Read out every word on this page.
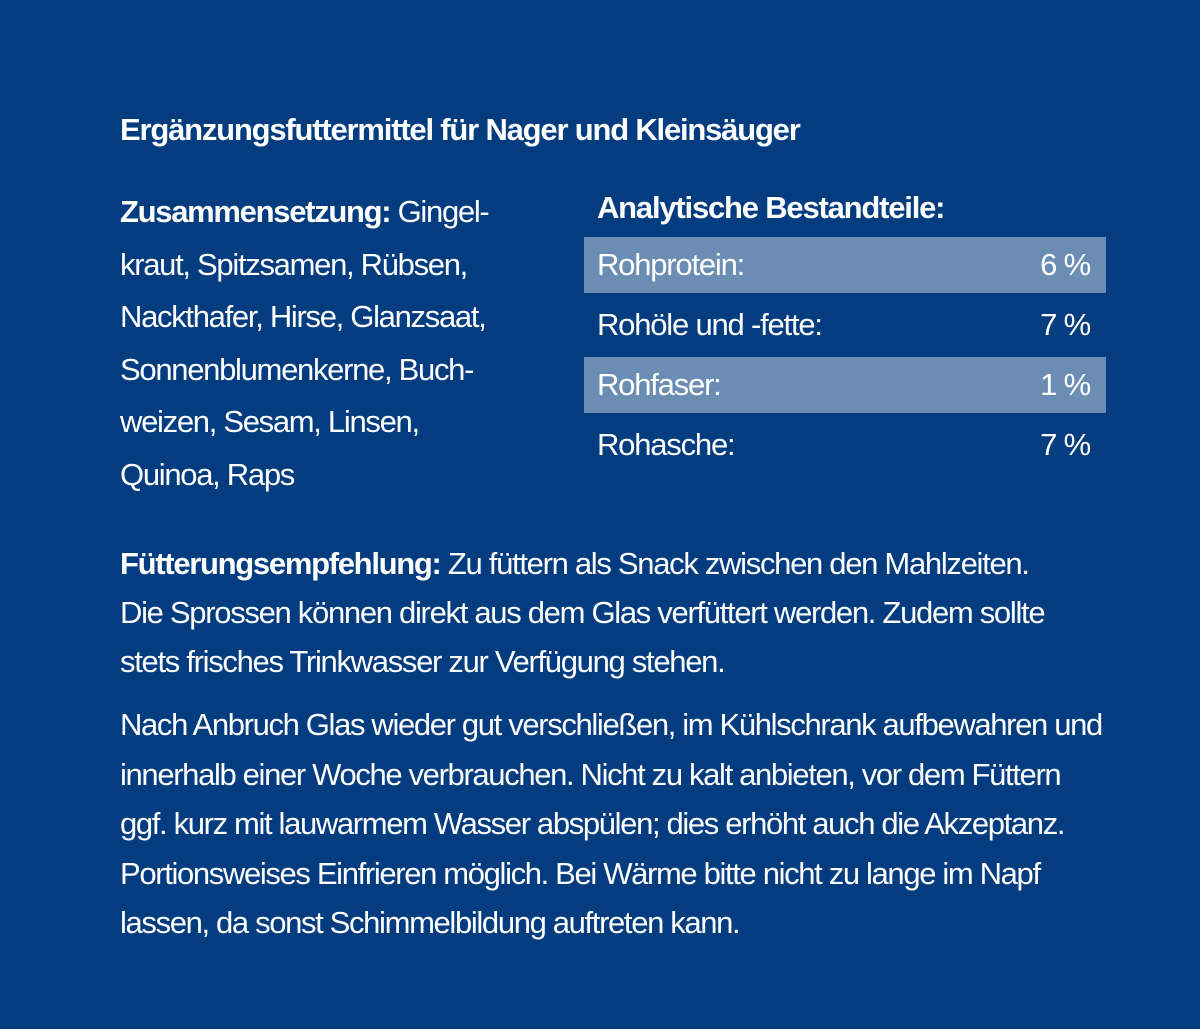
Ergänzungsfuttermittel für Nager und Kleinsäuger
Zusammensetzung: Gingel-
kraut, Spitzsamen, Rübsen,
Nackthafer, Hirse, Glanzsaat,
Sonnenblumenkerne, Buch-
weizen, Sesam, Linsen,
Quinoa, Raps
Analytische Bestandteile:
Rohprotein:	6 %
Rohöle und -fette:	7 %
Rohfaser:	1 %
Rohasche:	7 %
Fütterungsempfehlung: Zu füttern als Snack zwischen den Mahlzeiten.
Die Sprossen können direkt aus dem Glas verfüttert werden. Zudem sollte
stets frisches Trinkwasser zur Verfügung stehen.
Nach Anbruch Glas wieder gut verschließen, im Kühlschrank aufbewahren und
innerhalb einer Woche verbrauchen. Nicht zu kalt anbieten, vor dem Füttern
ggf. kurz mit lauwarmem Wasser abspülen; dies erhöht auch die Akzeptanz.
Portionsweises Einfrieren möglich. Bei Wärme bitte nicht zu lange im Napf
lassen, da sonst Schimmelbildung auftreten kann.
